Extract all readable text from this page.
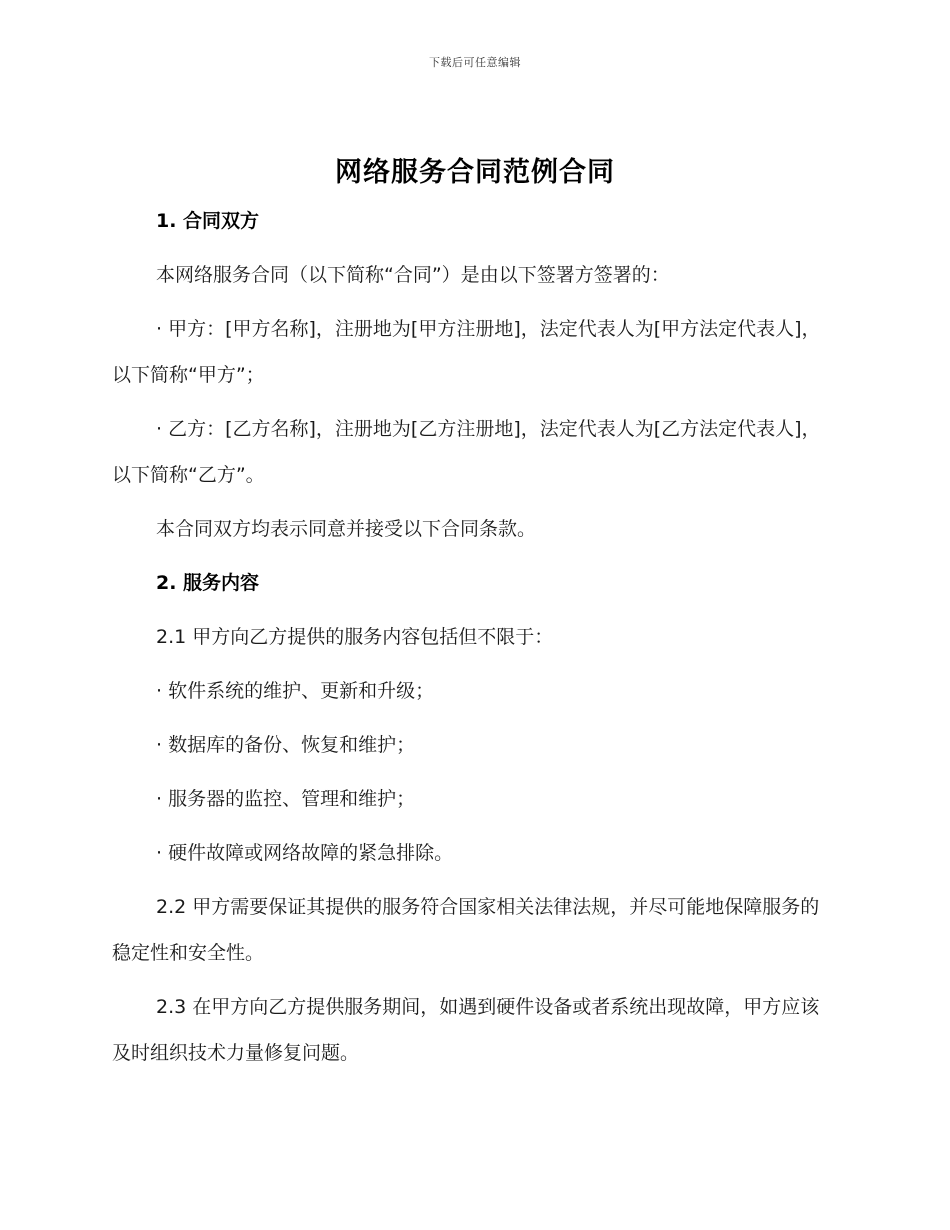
下载后可任意编辑
网络服务合同范例合同

1. 合同双方

本网络服务合同（以下简称“合同”）是由以下签署方签署的：

· 甲方：[甲方名称]，注册地为[甲方注册地]，法定代表人为[甲方法定代表人]，以下简称“甲方”；

· 乙方：[乙方名称]，注册地为[乙方注册地]，法定代表人为[乙方法定代表人]，以下简称“乙方”。

本合同双方均表示同意并接受以下合同条款。

2. 服务内容

2.1 甲方向乙方提供的服务内容包括但不限于：

· 软件系统的维护、更新和升级；

· 数据库的备份、恢复和维护；

· 服务器的监控、管理和维护；

· 硬件故障或网络故障的紧急排除。

2.2 甲方需要保证其提供的服务符合国家相关法律法规，并尽可能地保障服务的稳定性和安全性。

2.3 在甲方向乙方提供服务期间，如遇到硬件设备或者系统出现故障，甲方应该及时组织技术力量修复问题。
